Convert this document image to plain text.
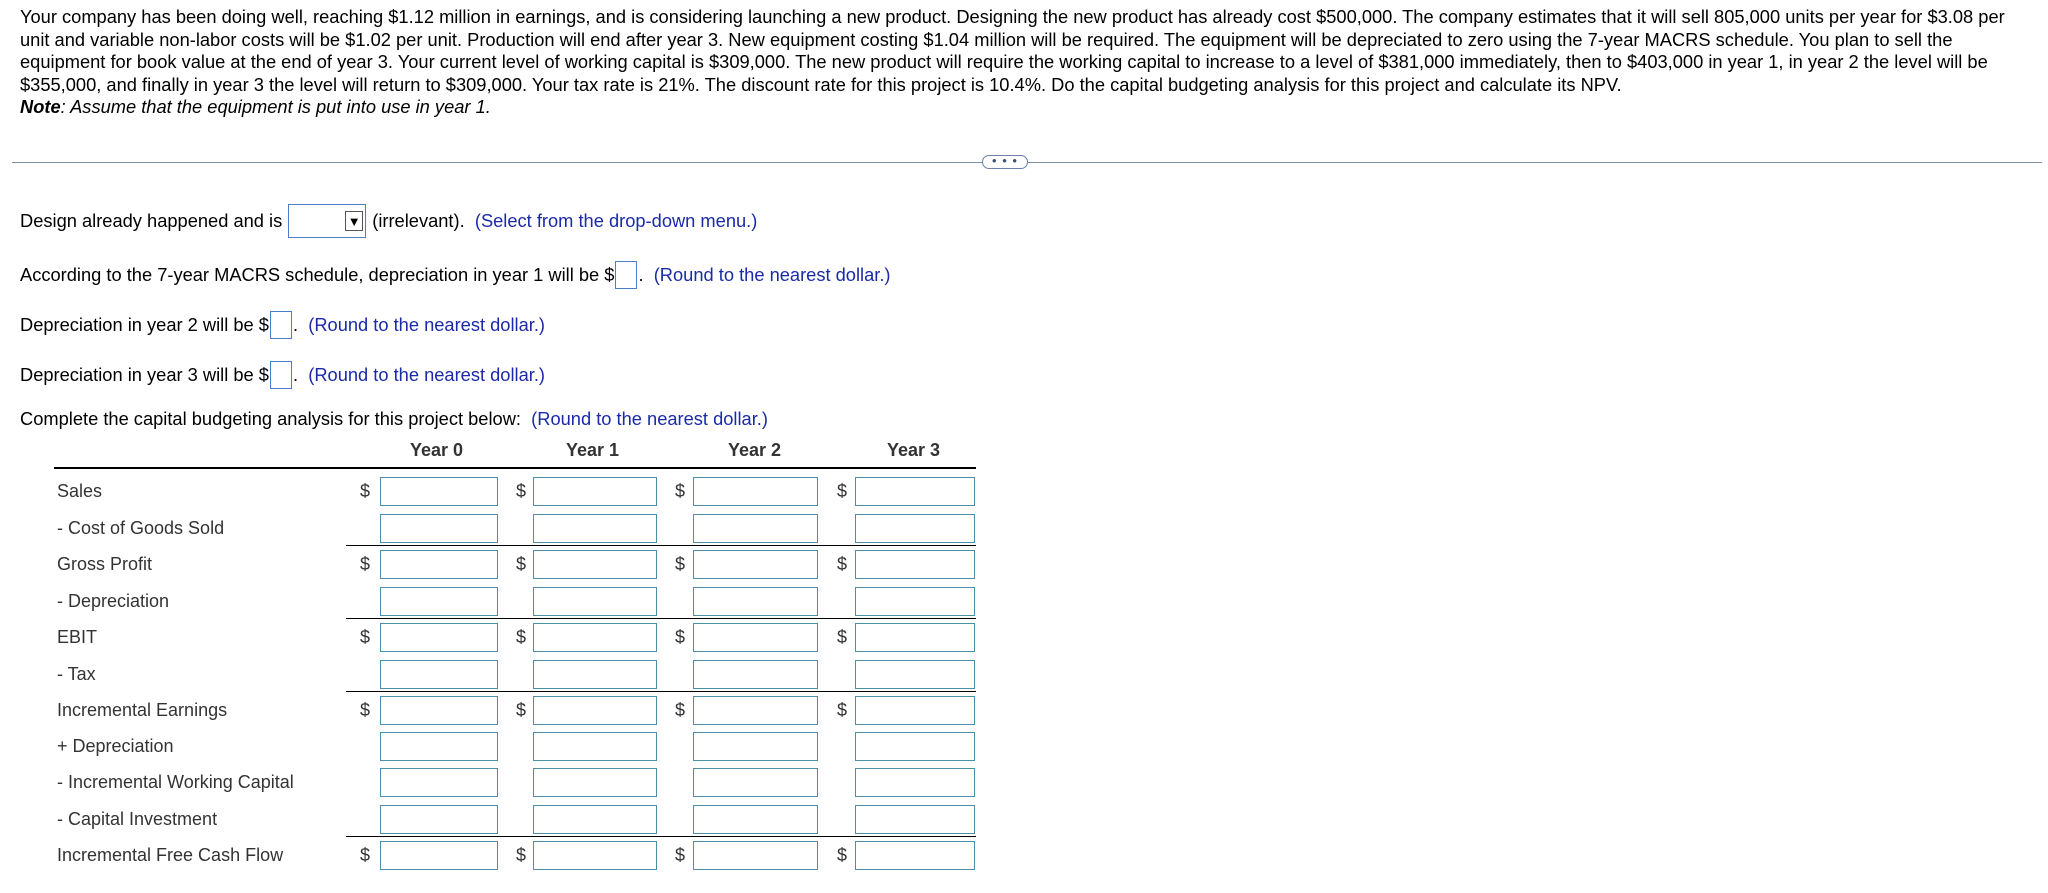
Your company has been doing well, reaching $1.12 million in earnings, and is considering launching a new product. Designing the new product has already cost $500,000. The company estimates that it will sell 805,000 units per year for $3.08 per unit and variable non-labor costs will be $1.02 per unit. Production will end after year 3. New equipment costing $1.04 million will be required. The equipment will be depreciated to zero using the 7-year MACRS schedule. You plan to sell the equipment for book value at the end of year 3. Your current level of working capital is $309,000. The new product will require the working capital to increase to a level of $381,000 immediately, then to $403,000 in year 1, in year 2 the level will be $355,000, and finally in year 3 the level will return to $309,000. Your tax rate is 21%. The discount rate for this project is 10.4%. Do the capital budgeting analysis for this project and calculate its NPV.
Note: Assume that the equipment is put into use in year 1.
• • •
Design already happened and is	▼ (irrelevant).
(Select from the drop-down menu.)
According to the 7-year MACRS schedule, depreciation in year 1 will be $ .
(Round to the nearest dollar.)
Depreciation in year 2 will be $ .
(Round to the nearest dollar.)
Depreciation in year 3 will be $ .
(Round to the nearest dollar.)
Complete the capital budgeting analysis for this project below:
(Round to the nearest dollar.)
Year 0	Year 1	Year 2	Year 3
Sales	$	$	$	$
- Cost of Goods Sold
Gross Profit	$	$	$	$
- Depreciation
EBIT	$	$	$	$
- Tax
Incremental Earnings	$	$	$	$
+ Depreciation
- Incremental Working Capital
- Capital Investment
Incremental Free Cash Flow	$	$	$	$
